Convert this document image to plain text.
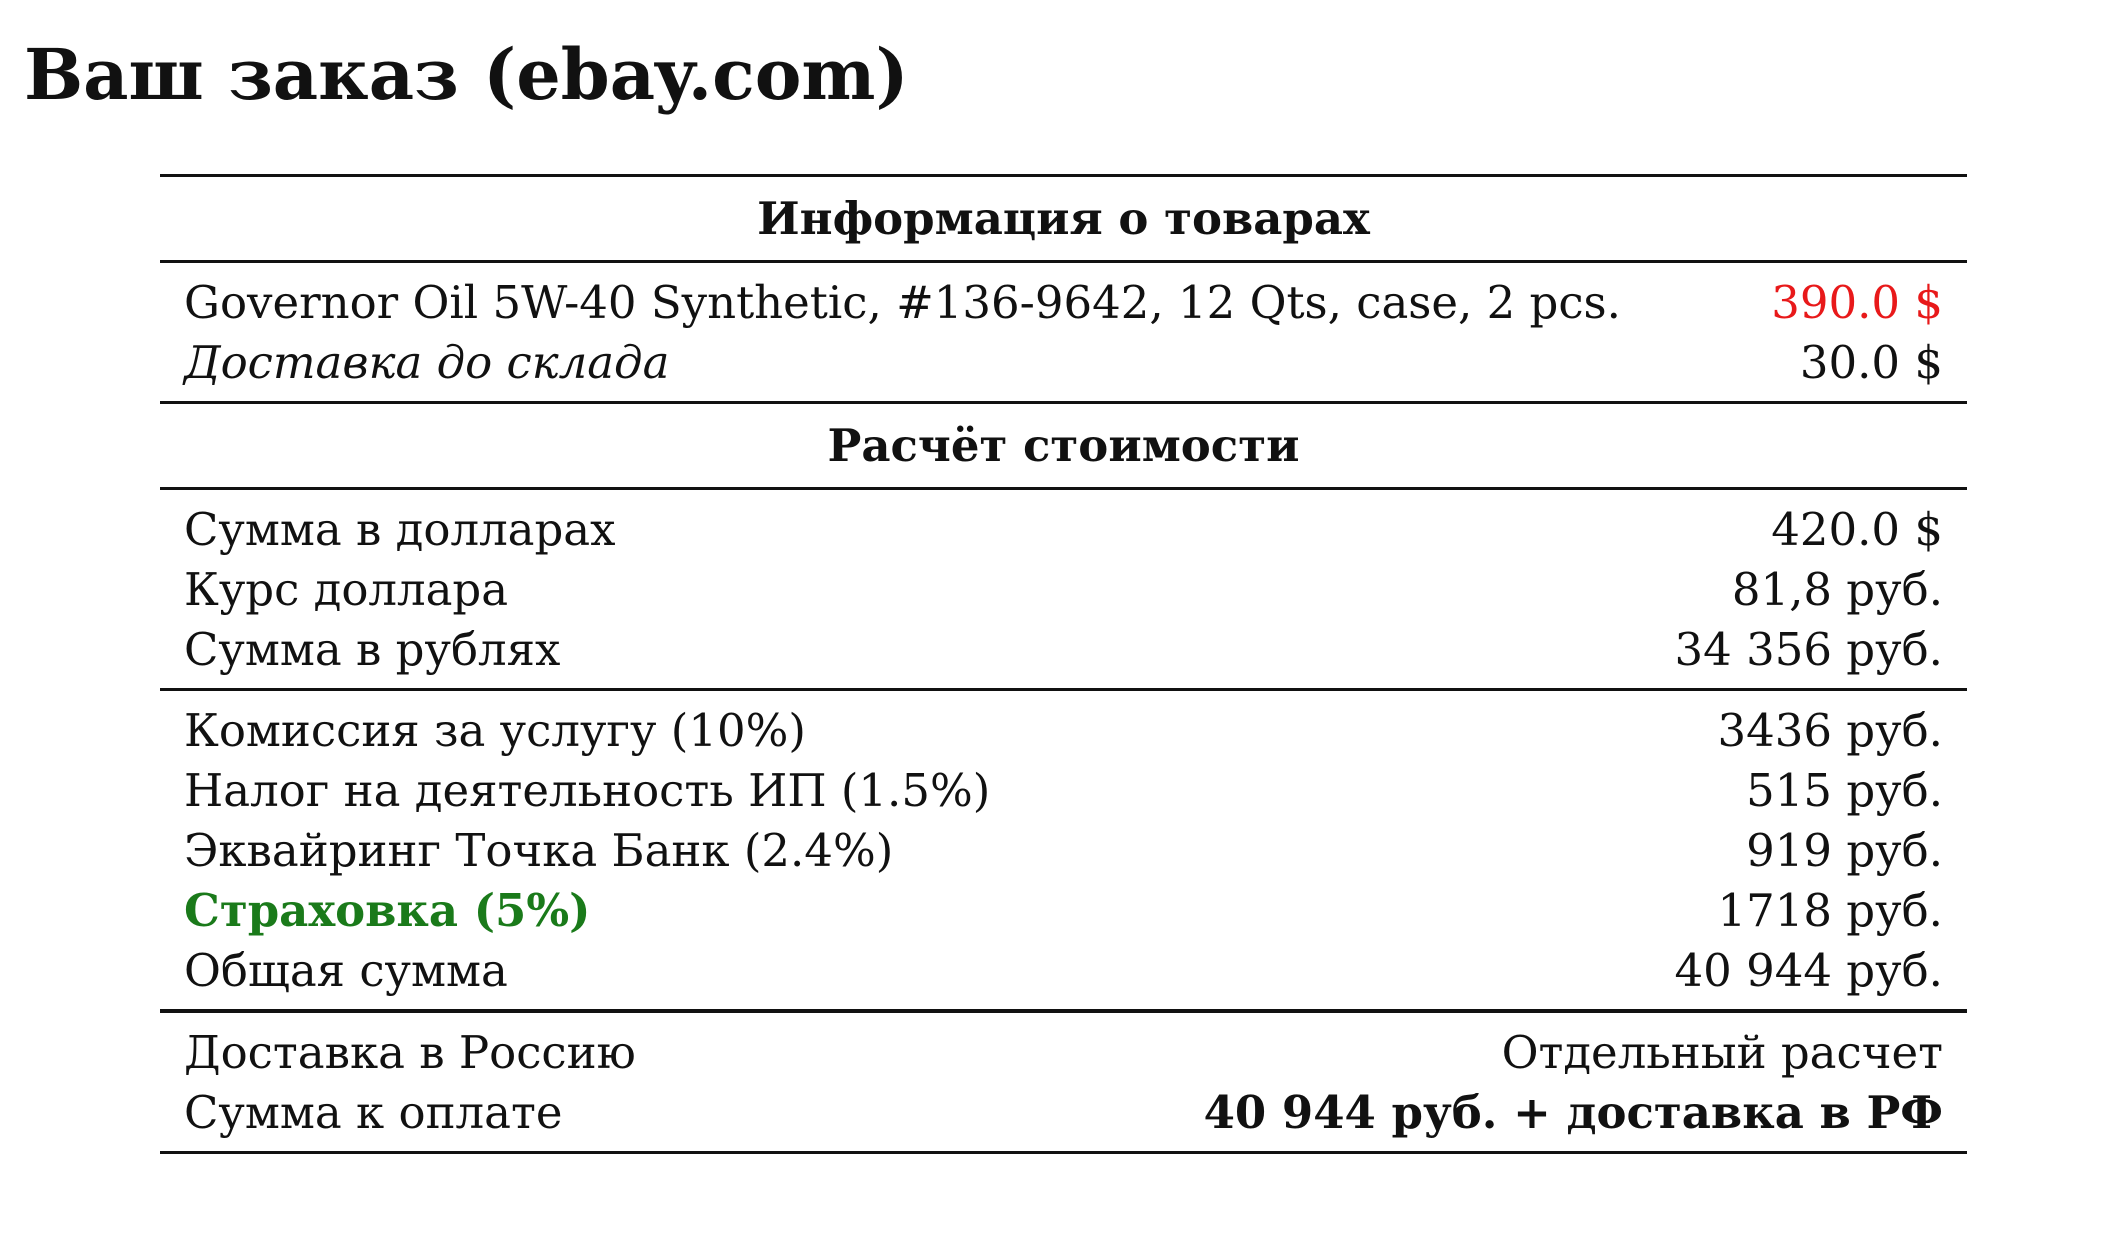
Ваш заказ (ebay.com)
Информация о товарах
Governor Oil 5W-40 Synthetic, #136-9642, 12 Qts, case, 2 pcs.	390.0 $
Доставка до склада	30.0 $
Расчёт стоимости
Сумма в долларах	420.0 $
Курс доллара	81,8 руб.
Сумма в рублях	34 356 руб.
Комиссия за услугу (10%)	3436 руб.
Налог на деятельность ИП (1.5%)	515 руб.
Эквайринг Точка Банк (2.4%)	919 руб.
Страховка (5%)	1718 руб.
Общая сумма	40 944 руб.
Доставка в Россию	Отдельный расчет
Сумма к оплате	40 944 руб. + доставка в РФ
